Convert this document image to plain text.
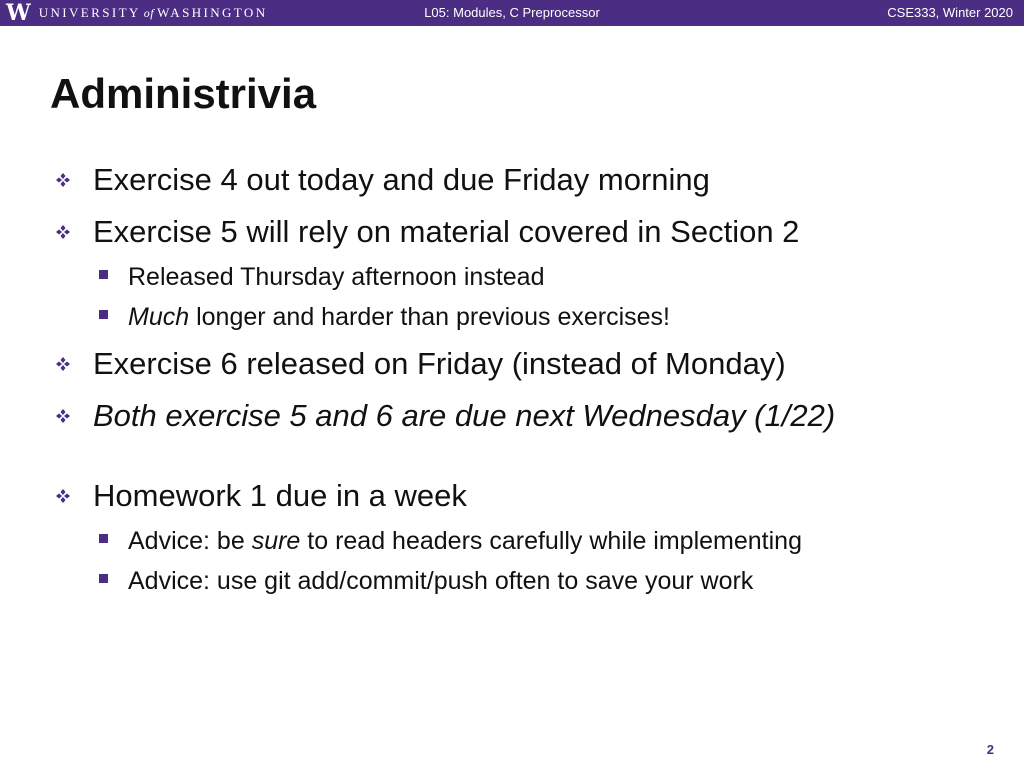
W UNIVERSITY of WASHINGTON	L05: Modules, C Preprocessor	CSE333, Winter 2020
Administrivia
Exercise 4 out today and due Friday morning
Exercise 5 will rely on material covered in Section 2
Released Thursday afternoon instead
Much longer and harder than previous exercises!
Exercise 6 released on Friday (instead of Monday)
Both exercise 5 and 6 are due next Wednesday (1/22)
Homework 1 due in a week
Advice: be sure to read headers carefully while implementing
Advice: use git add/commit/push often to save your work
2
